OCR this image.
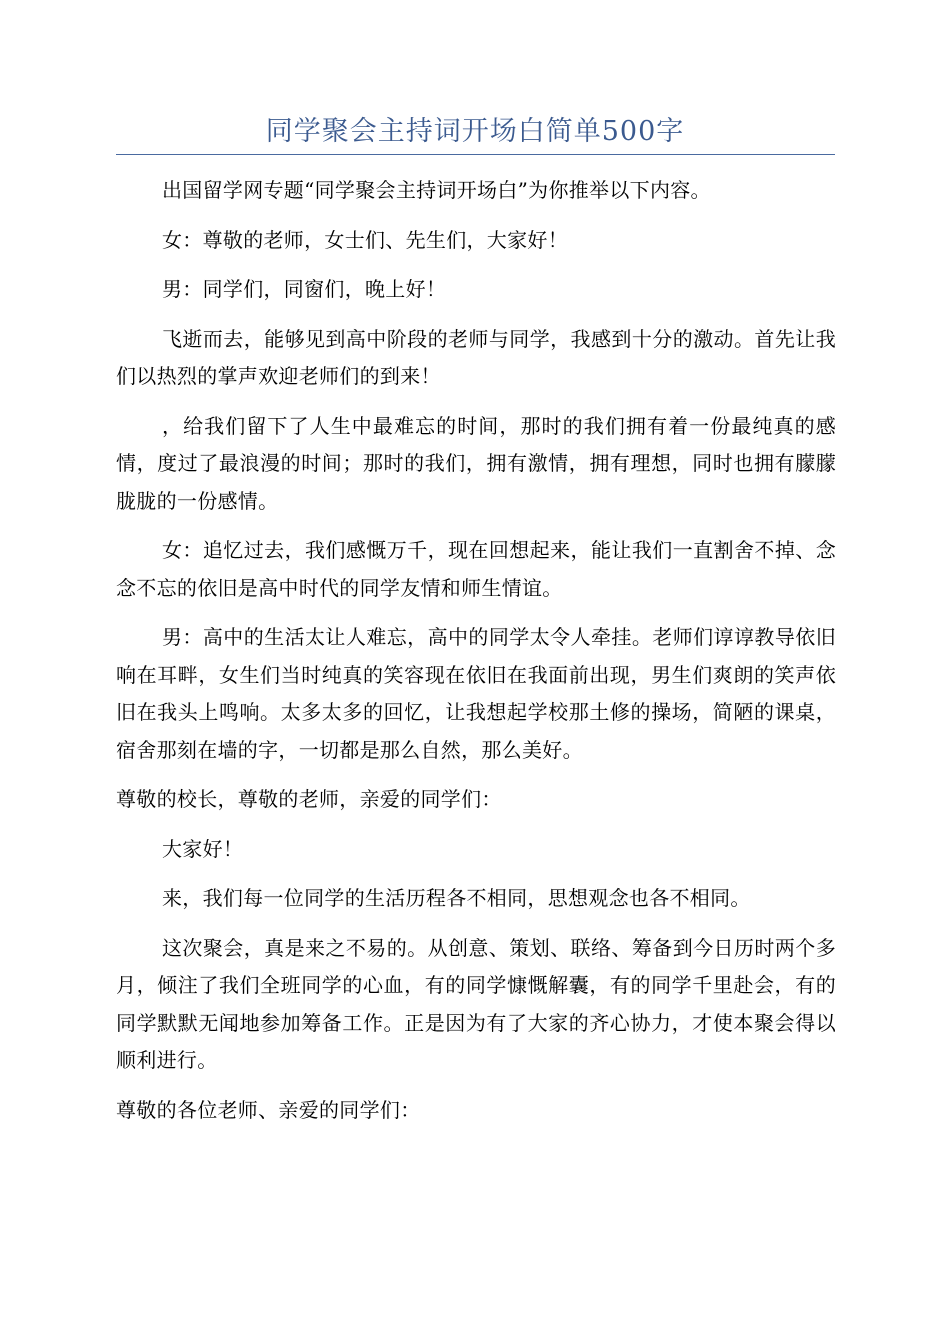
同学聚会主持词开场白简单500字

出国留学网专题“同学聚会主持词开场白”为你推举以下内容。

女：尊敬的老师，女士们、先生们，大家好！

男：同学们，同窗们，晚上好！

飞逝而去，能够见到高中阶段的老师与同学，我感到十分的激动。首先让我们以热烈的掌声欢迎老师们的到来！

，给我们留下了人生中最难忘的时间，那时的我们拥有着一份最纯真的感情，度过了最浪漫的时间；那时的我们，拥有激情，拥有理想，同时也拥有朦朦胧胧的一份感情。

女：追忆过去，我们感慨万千，现在回想起来，能让我们一直割舍不掉、念念不忘的依旧是高中时代的同学友情和师生情谊。

男：高中的生活太让人难忘，高中的同学太令人牵挂。老师们谆谆教导依旧响在耳畔，女生们当时纯真的笑容现在依旧在我面前出现，男生们爽朗的笑声依旧在我头上鸣响。太多太多的回忆，让我想起学校那土修的操场，简陋的课桌，宿舍那刻在墙的字，一切都是那么自然，那么美好。

尊敬的校长，尊敬的老师，亲爱的同学们：

大家好！

来，我们每一位同学的生活历程各不相同，思想观念也各不相同。

这次聚会，真是来之不易的。从创意、策划、联络、筹备到今日历时两个多月，倾注了我们全班同学的心血，有的同学慷慨解囊，有的同学千里赴会，有的同学默默无闻地参加筹备工作。正是因为有了大家的齐心协力，才使本聚会得以顺利进行。

尊敬的各位老师、亲爱的同学们：
